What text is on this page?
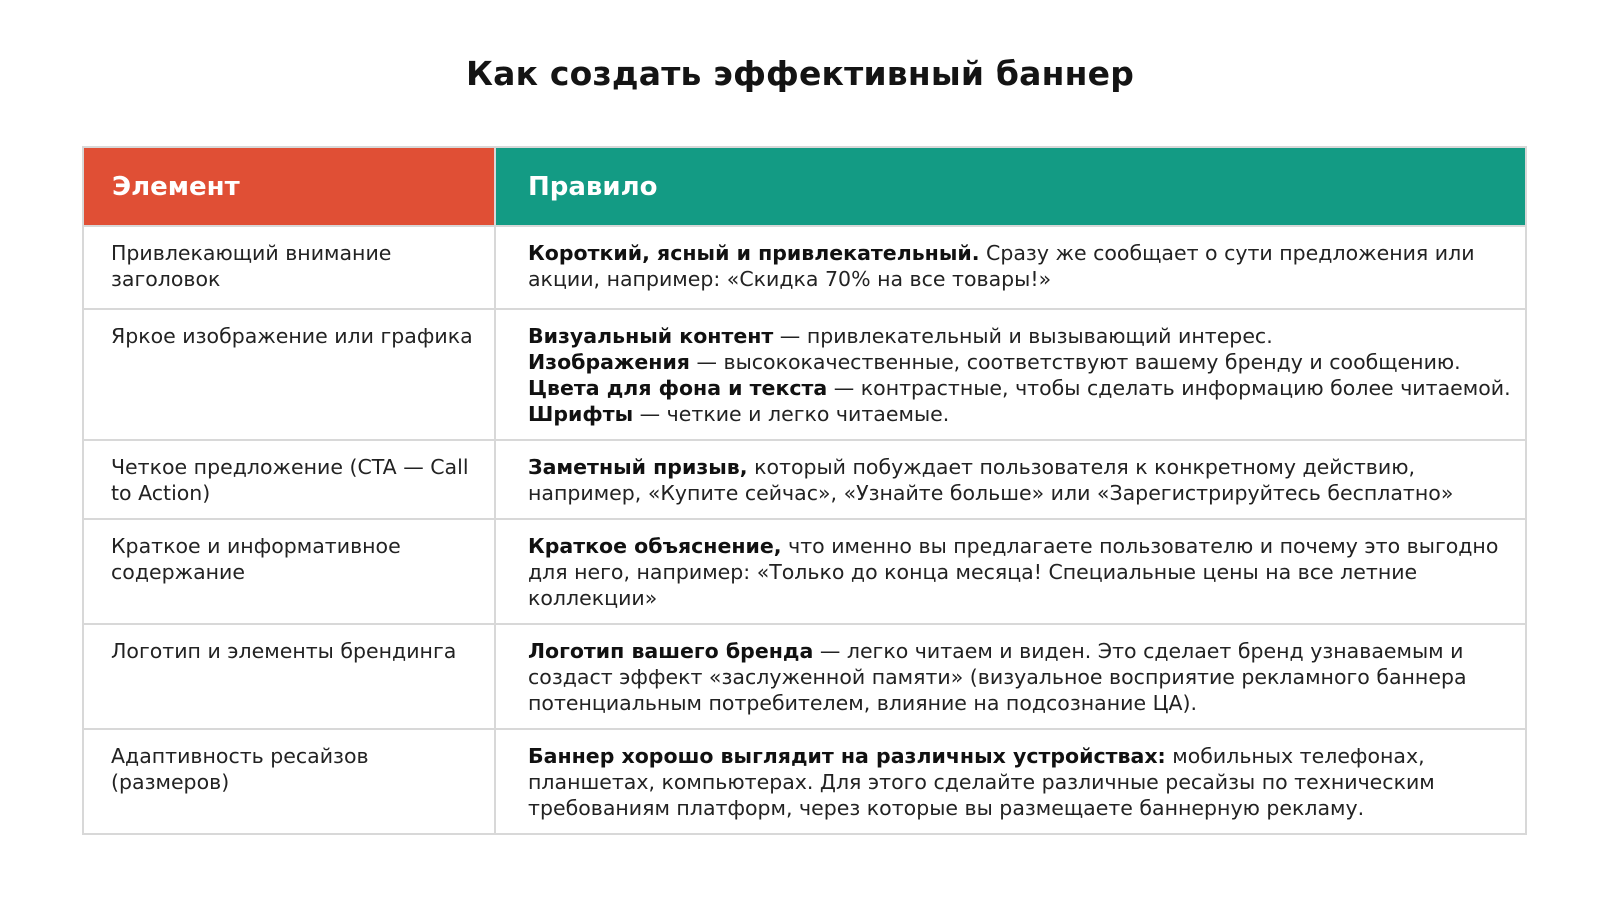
Как создать эффективный баннер
Элемент	Правило
Привлекающий внимание заголовок	Короткий, ясный и привлекательный. Сразу же сообщает о сути предложения или акции, например: «Скидка 70% на все товары!»

Яркое изображение или графика	Визуальный контент — привлекательный и вызывающий интерес.
Изображения — высококачественные, соответствуют вашему бренду и сообщению.
Цвета для фона и текста — контрастные, чтобы сделать информацию более читаемой.
Шрифты — четкие и легко читаемые.

Четкое предложение (CTA — Call to Action)	Заметный призыв, который побуждает пользователя к конкретному действию, например, «Купите сейчас», «Узнайте больше» или «Зарегистрируйтесь бесплатно»

Краткое и информативное содержание	Краткое объяснение, что именно вы предлагаете пользователю и почему это выгодно для него, например: «Только до конца месяца! Специальные цены на все летние коллекции»

Логотип и элементы брендинга	Логотип вашего бренда — легко читаем и виден. Это сделает бренд узнаваемым и создаст эффект «заслуженной памяти» (визуальное восприятие рекламного баннера потенциальным потребителем, влияние на подсознание ЦА).

Адаптивность ресайзов (размеров)	Баннер хорошо выглядит на различных устройствах: мобильных телефонах, планшетах, компьютерах. Для этого сделайте различные ресайзы по техническим требованиям платформ, через которые вы размещаете баннерную рекламу.
